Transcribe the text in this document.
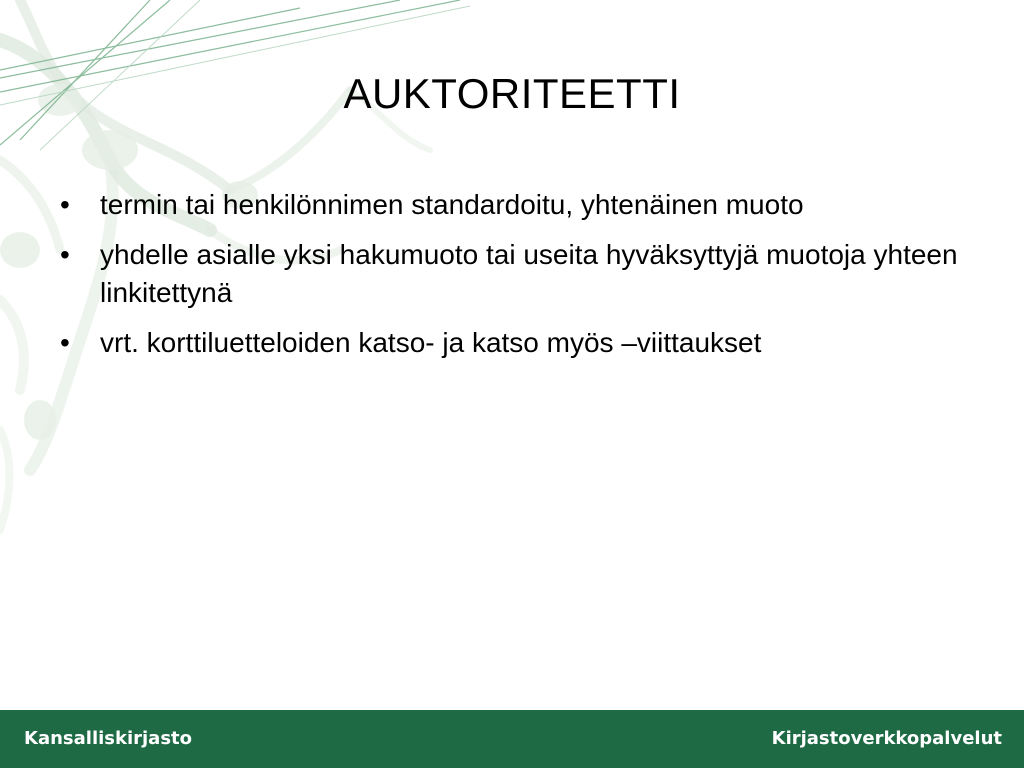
AUKTORITEETTI
• termin tai henkilönnimen standardoitu, yhtenäinen muoto
• yhdelle asialle yksi hakumuoto tai useita hyväksyttyjä muotoja yhteen linkitettynä
• vrt. korttiluetteloiden katso- ja katso myös –viittaukset
Kansalliskirjasto	Kirjastoverkkopalvelut
